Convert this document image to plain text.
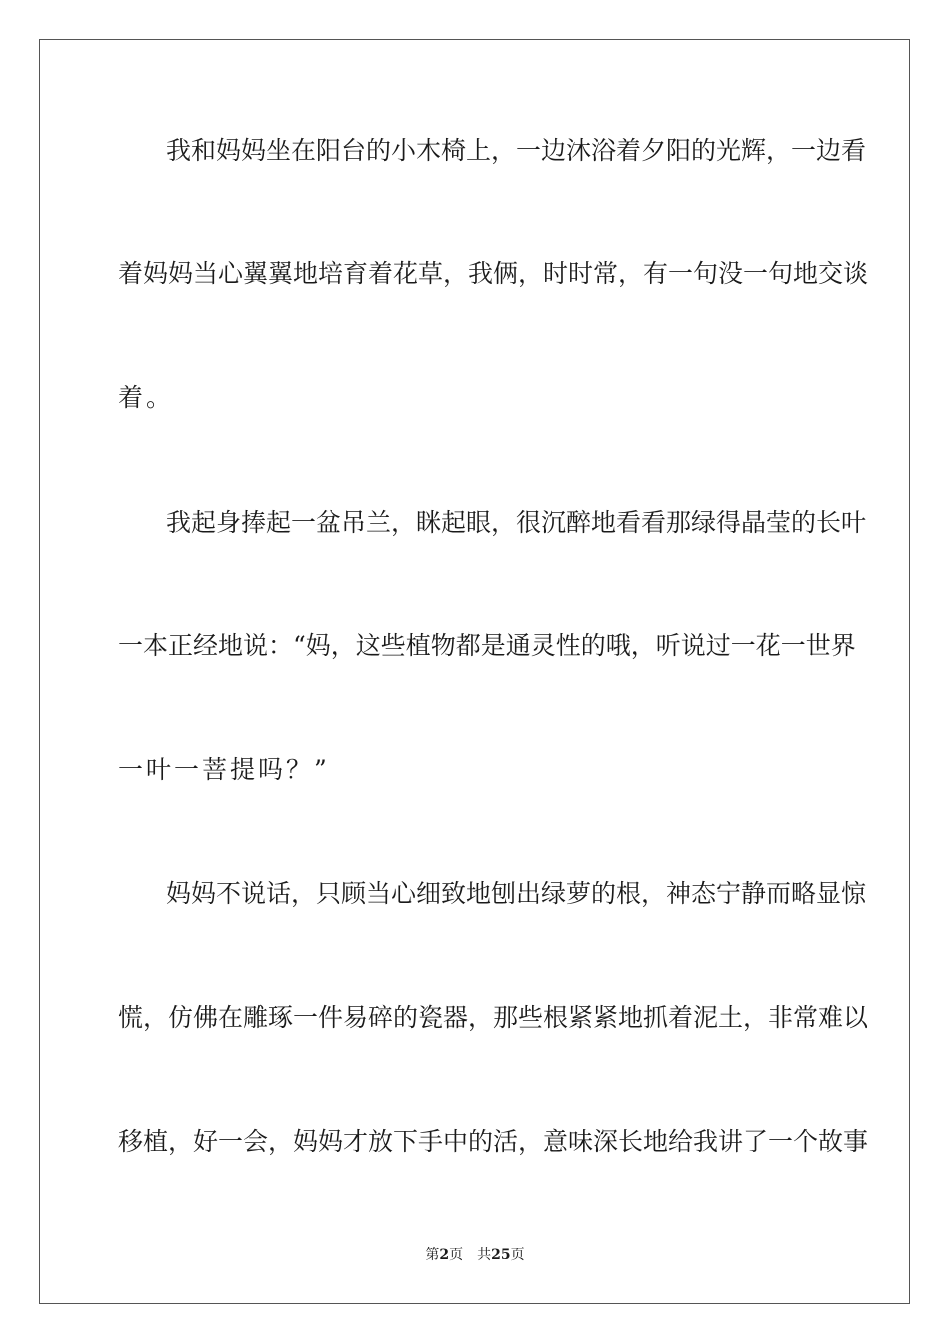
我和妈妈坐在阳台的小木椅上，一边沐浴着夕阳的光辉，一边看
着妈妈当心翼翼地培育着花草，我俩，时时常，有一句没一句地交谈
着。
我起身捧起一盆吊兰，眯起眼，很沉醉地看看那绿得晶莹的长叶
一本正经地说：“妈，这些植物都是通灵性的哦，听说过一花一世界
一叶一菩提吗？”
妈妈不说话，只顾当心细致地刨出绿萝的根，神态宁静而略显惊
慌，仿佛在雕琢一件易碎的瓷器，那些根紧紧地抓着泥土，非常难以
移植，好一会，妈妈才放下手中的活，意味深长地给我讲了一个故事
第2页 共25页
